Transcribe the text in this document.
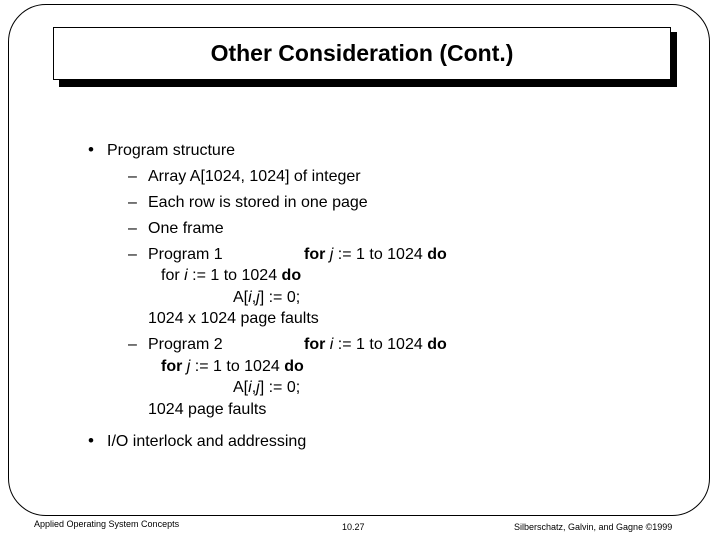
Other Consideration (Cont.)
• Program structure
– Array A[1024, 1024] of integer
– Each row is stored in one page
– One frame
– Program 1	for j := 1 to 1024 do
for i := 1 to 1024 do
A[i,j] := 0;
1024 x 1024 page faults
– Program 2	for i := 1 to 1024 do
for j := 1 to 1024 do
A[i,j] := 0;
1024 page faults
• I/O interlock and addressing
Applied Operating System Concepts	10.27	Silberschatz, Galvin, and Gagne ©1999
